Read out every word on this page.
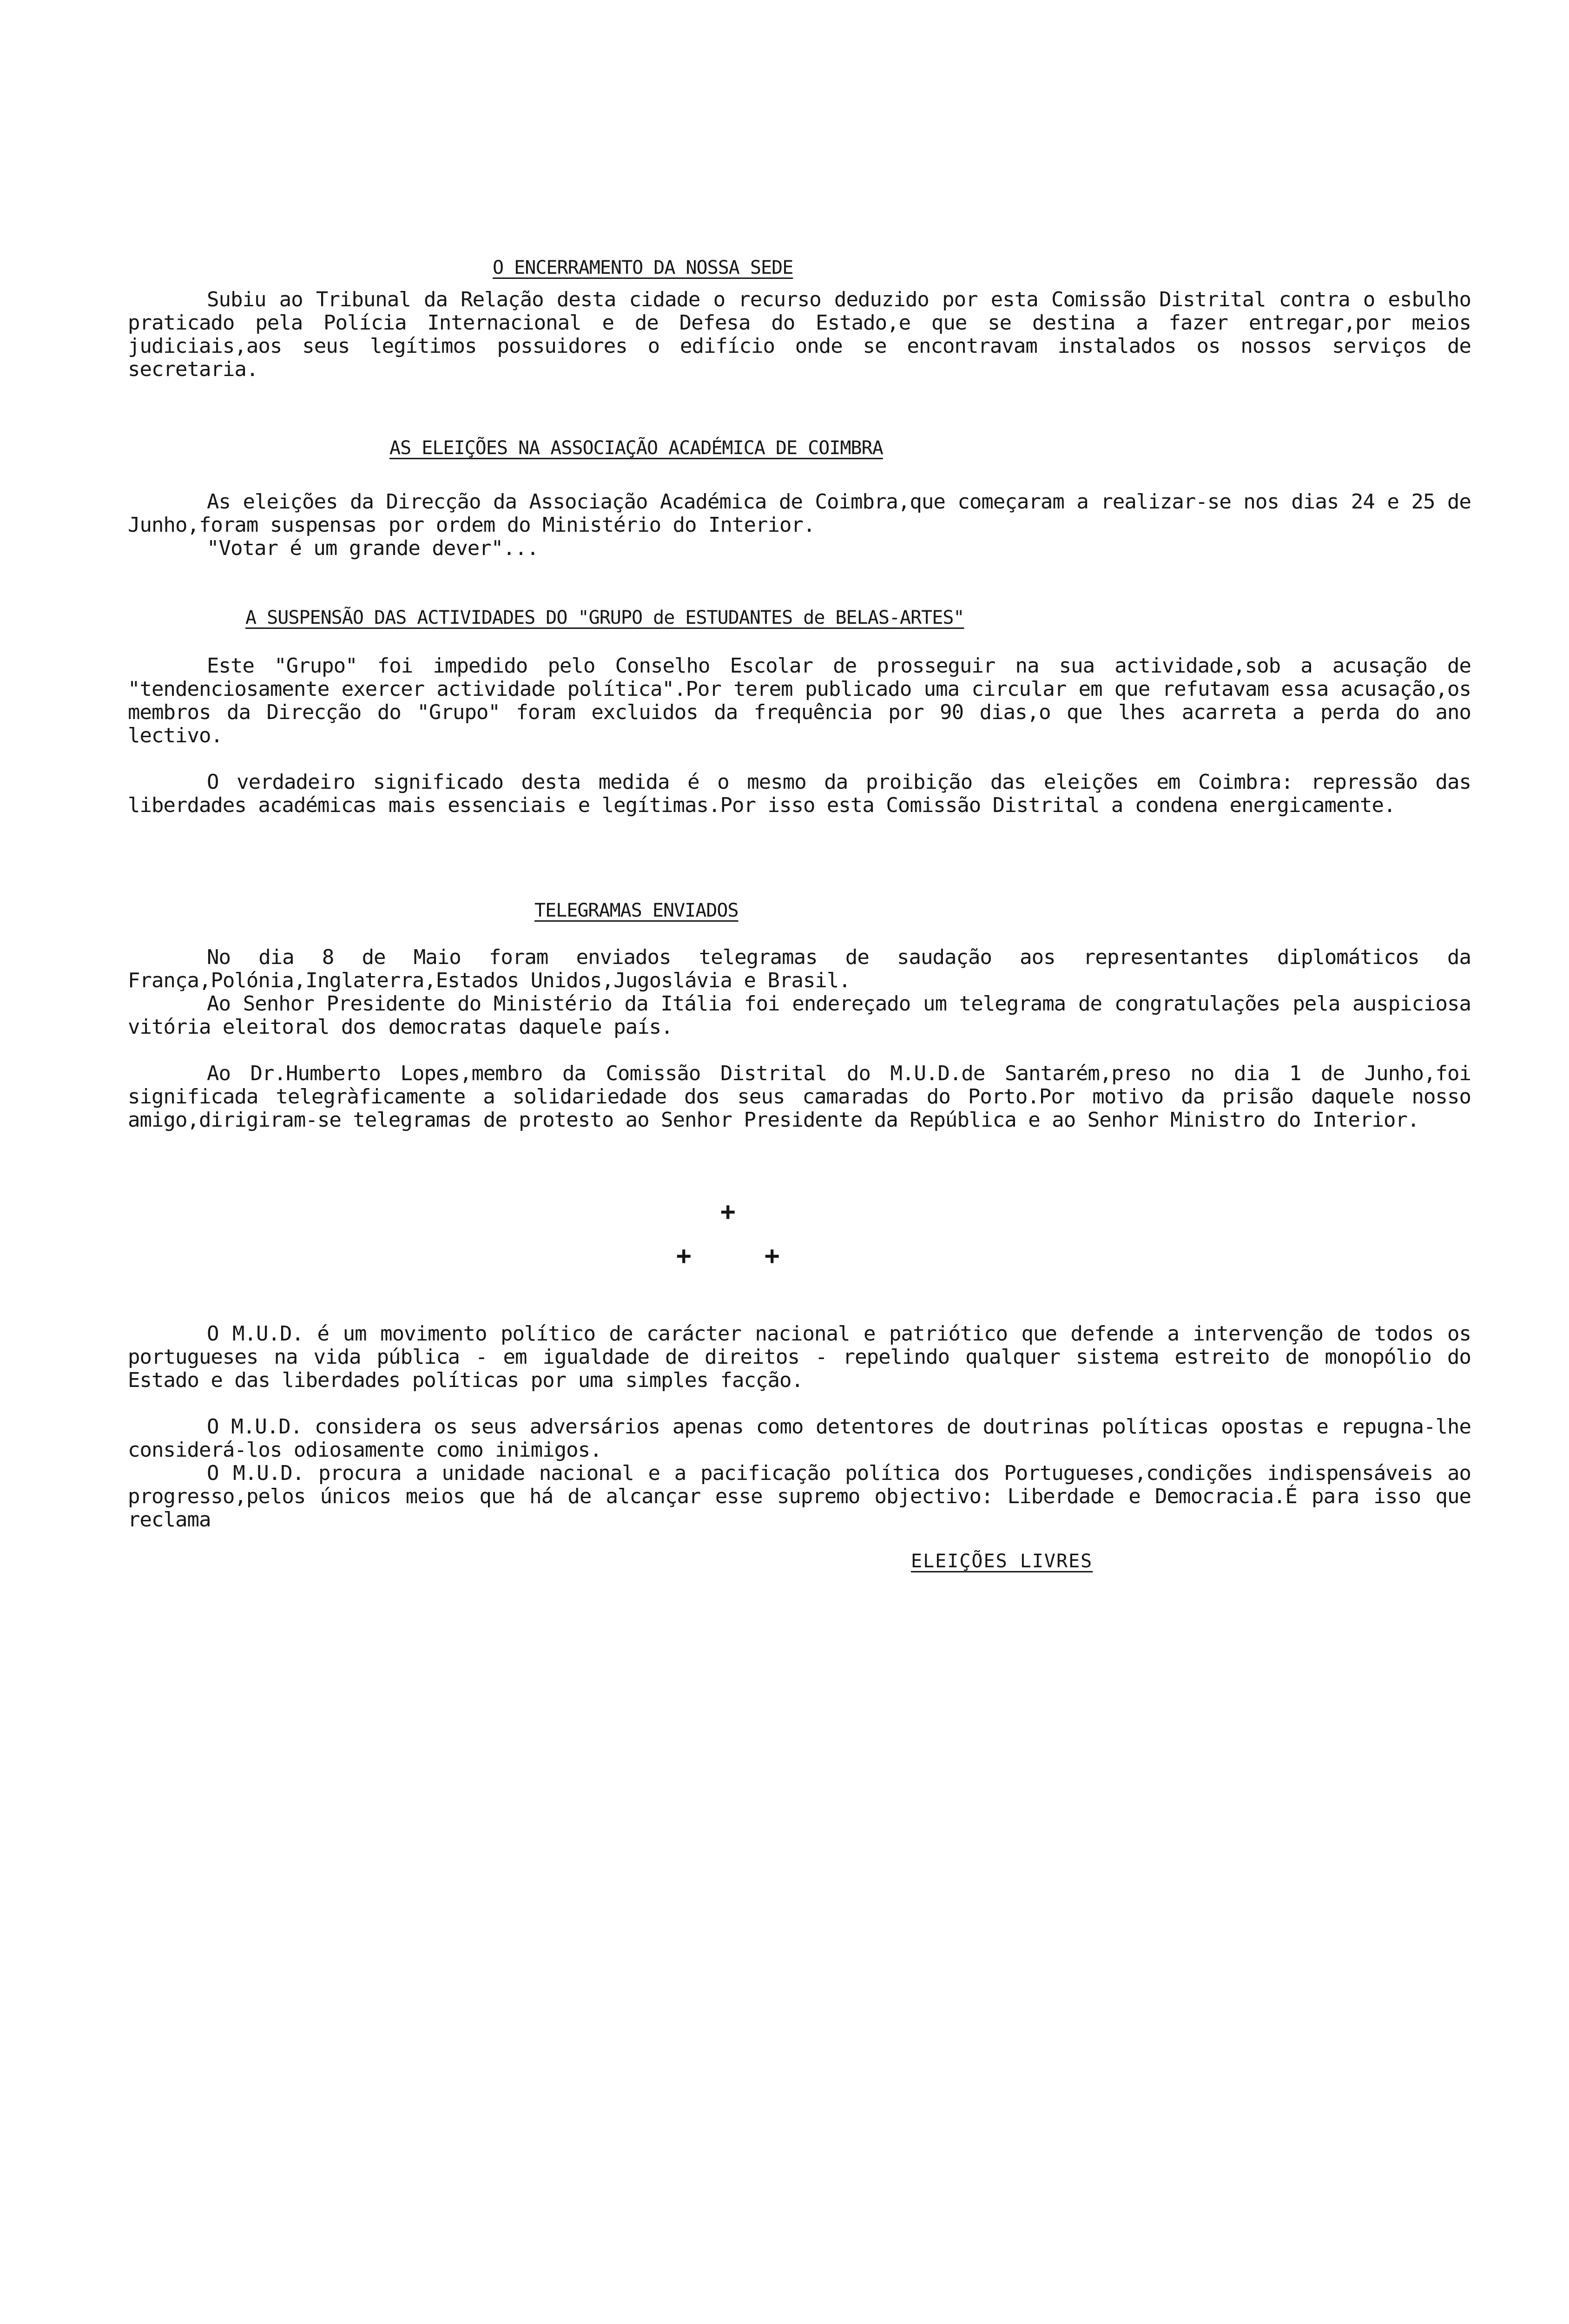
O ENCERRAMENTO DA NOSSA SEDE

Subiu ao Tribunal da Relação desta cidade o recurso deduzido por esta Comissão Distrital contra o esbulho praticado pela Polícia Internacional e de Defesa do Estado,e que se destina a fazer entregar,por meios judiciais,aos seus legítimos possuidores o edifício onde se encontravam instalados os nossos serviços de secretaria.

AS ELEIÇÕES NA ASSOCIAÇÃO ACADÉMICA DE COIMBRA

As eleições da Direcção da Associação Académica de Coimbra,que começaram a realizar-se nos dias 24 e 25 de Junho,foram suspensas por ordem do Ministério do Interior.

"Votar é um grande dever"...

A SUSPENSÃO DAS ACTIVIDADES DO "GRUPO de ESTUDANTES de BELAS-ARTES"

Este "Grupo" foi impedido pelo Conselho Escolar de prosseguir na sua actividade,sob a acusação de "tendenciosamente exercer actividade política".Por terem publicado uma circular em que refutavam essa acusação,os membros da Direcção do "Grupo" foram excluidos da frequência por 90 dias,o que lhes acarreta a perda do ano lectivo.

O verdadeiro significado desta medida é o mesmo da proibição das eleições em Coimbra: repressão das liberdades académicas mais essenciais e legítimas.Por isso esta Comissão Distrital a condena energicamente.

TELEGRAMAS ENVIADOS

No dia 8 de Maio foram enviados telegramas de saudação aos representantes diplomáticos da França,Polónia,Inglaterra,Estados Unidos,Jugoslávia e Brasil.

Ao Senhor Presidente do Ministério da Itália foi endereçado um telegrama de congratulações pela auspiciosa vitória eleitoral dos democratas daquele país.

Ao Dr.Humberto Lopes,membro da Comissão Distrital do M.U.D.de Santarém,preso no dia 1 de Junho,foi significada telegràficamente a solidariedade dos seus camaradas do Porto.Por motivo da prisão daquele nosso amigo,dirigiram-se telegramas de protesto ao Senhor Presidente da República e ao Senhor Ministro do Interior.

+
+	+

O M.U.D. é um movimento político de carácter nacional e patriótico que defende a intervenção de todos os portugueses na vida pública - em igualdade de direitos - repelindo qualquer sistema estreito de monopólio do Estado e das liberdades políticas por uma simples facção.

O M.U.D. considera os seus adversários apenas como detentores de doutrinas políticas opostas e repugna-lhe considerá-los odiosamente como inimigos.

O M.U.D. procura a unidade nacional e a pacificação política dos Portugueses,condições indispensáveis ao progresso,pelos únicos meios que há de alcançar esse supremo objectivo: Liberdade e Democracia.É para isso que reclama

ELEIÇÕES LIVRES
